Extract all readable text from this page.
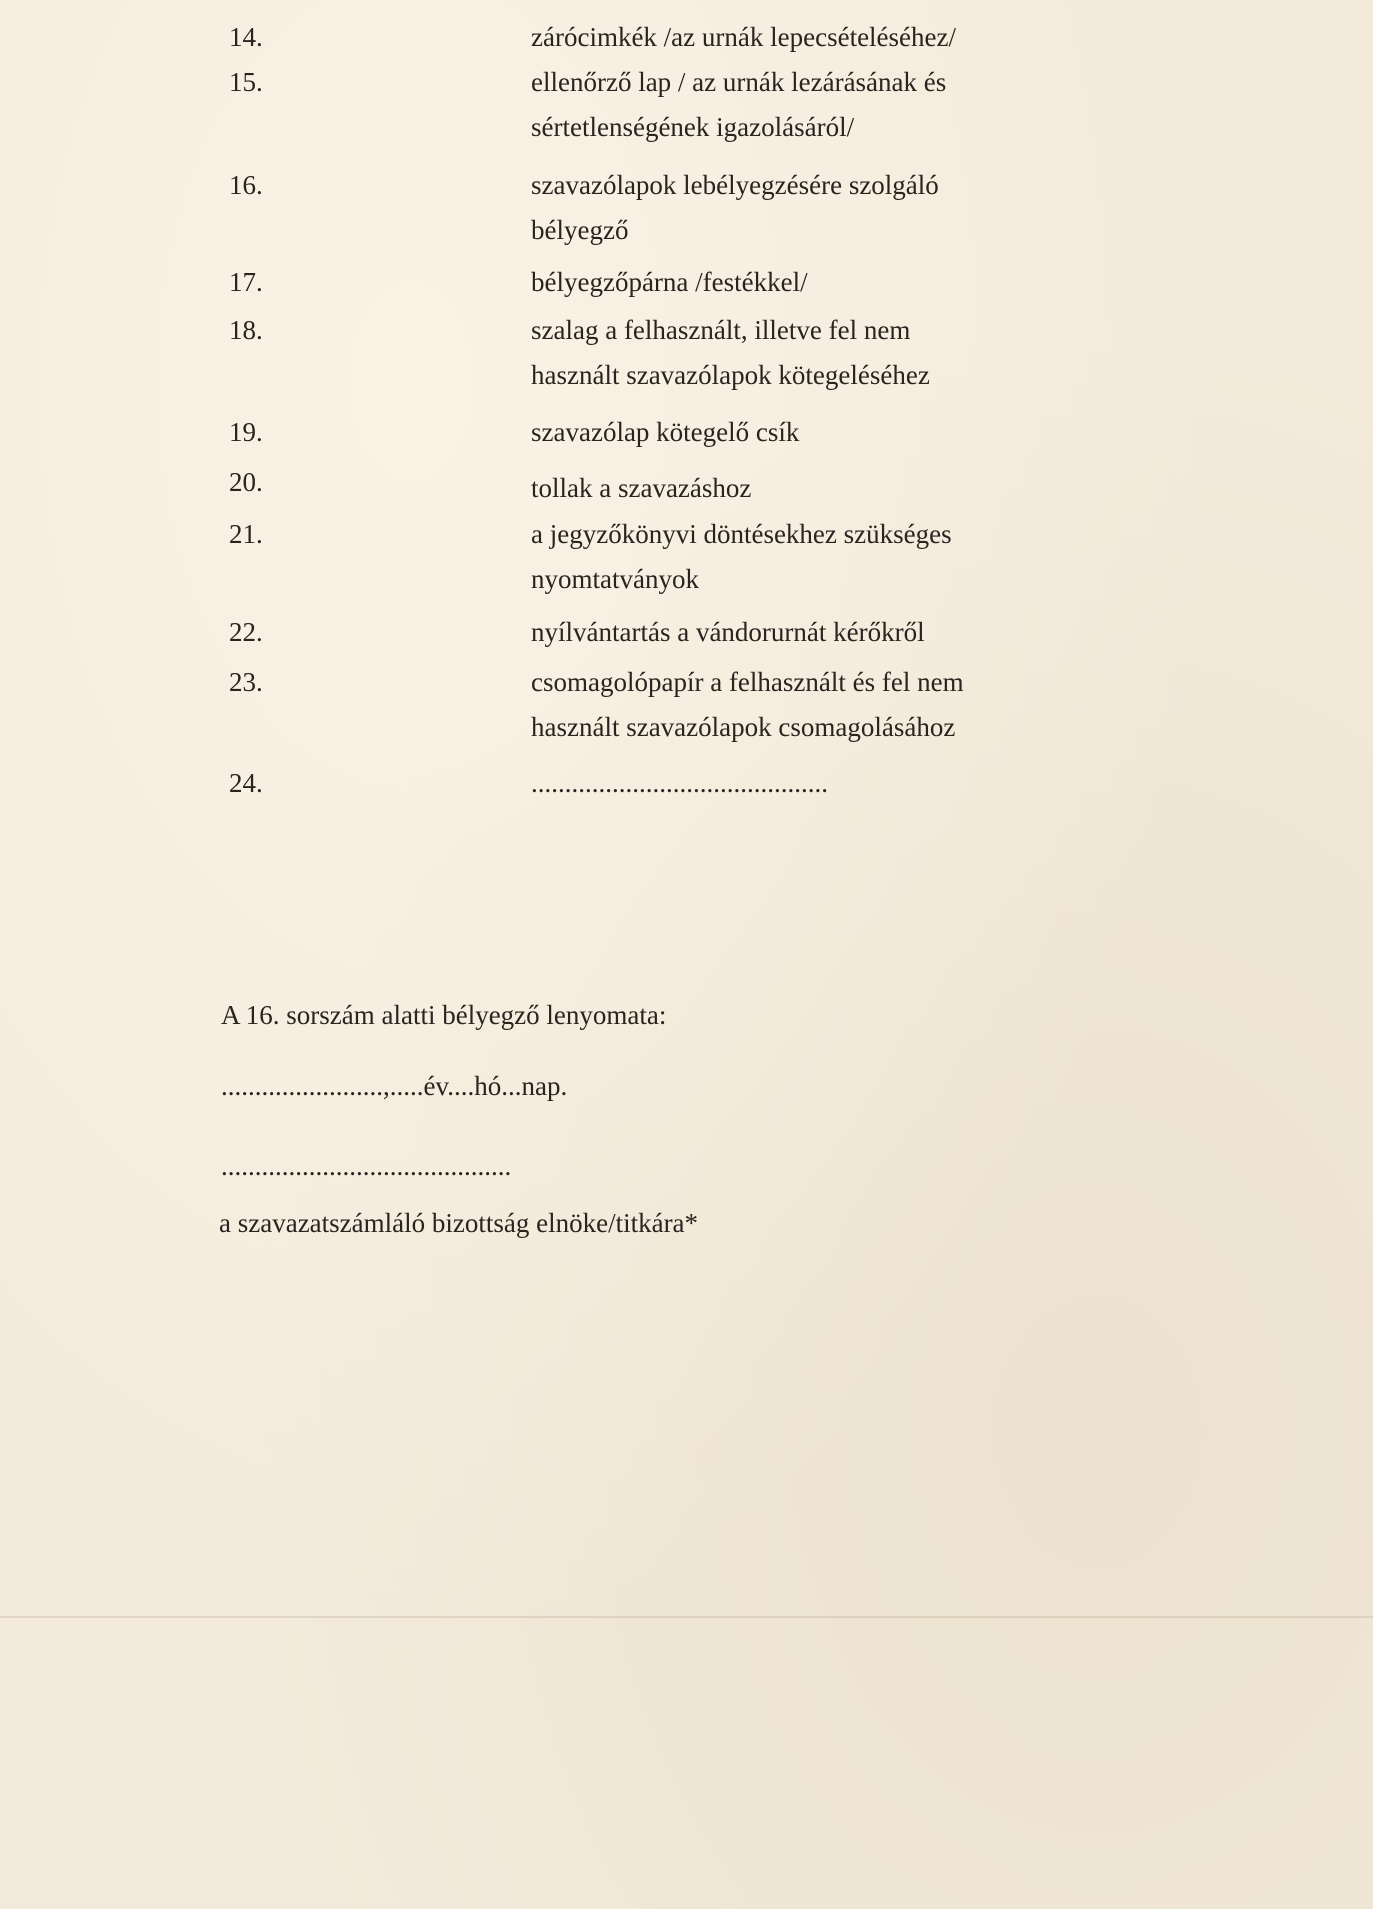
14.	zárócimkék /az urnák lepecsételéséhez/
15.	ellenőrző lap / az urnák lezárásának és
sértetlenségének igazolásáról/
16.	szavazólapok lebélyegzésére szolgáló
bélyegző
17.	bélyegzőpárna /festékkel/
18.	szalag a felhasznált, illetve fel nem
használt szavazólapok kötegeléséhez
19.	szavazólap kötegelő csík
20.	tollak a szavazáshoz
21.	a jegyzőkönyvi döntésekhez szükséges
nyomtatványok
22.	nyílvántartás a vándorurnát kérőkről
23.	csomagolópapír a felhasznált és fel nem
használt szavazólapok csomagolásához
24.	............................................
A 16. sorszám alatti bélyegző lenyomata:
........................,.....év....hó...nap.
...........................................
a szavazatszámláló bizottság elnöke/titkára*
